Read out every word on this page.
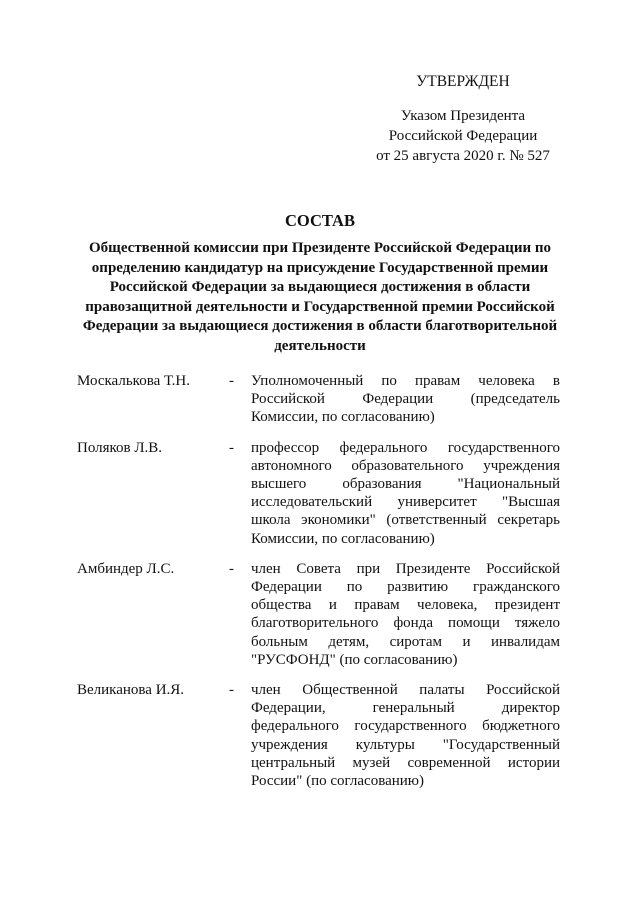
УТВЕРЖДЕН
Указом Президента
Российской Федерации
от 25 августа 2020 г. № 527
СОСТАВ
Общественной комиссии при Президенте Российской Федерации по определению кандидатур на присуждение Государственной премии Российской Федерации за выдающиеся достижения в области правозащитной деятельности и Государственной премии Российской Федерации за выдающиеся достижения в области благотворительной деятельности
Москалькова Т.Н.	- Уполномоченный по правам человека в Российской Федерации (председатель Комиссии, по согласованию)
Поляков Л.В.	- профессор федерального государственного автономного образовательного учреждения высшего образования "Национальный исследовательский университет "Высшая школа экономики" (ответственный секретарь Комиссии, по согласованию)
Амбиндер Л.С.	- член Совета при Президенте Российской Федерации по развитию гражданского общества и правам человека, президент благотворительного фонда помощи тяжело больным детям, сиротам и инвалидам "РУСФОНД" (по согласованию)
Великанова И.Я.	- член Общественной палаты Российской Федерации, генеральный директор федерального государственного бюджетного учреждения культуры "Государственный центральный музей современной истории России" (по согласованию)
